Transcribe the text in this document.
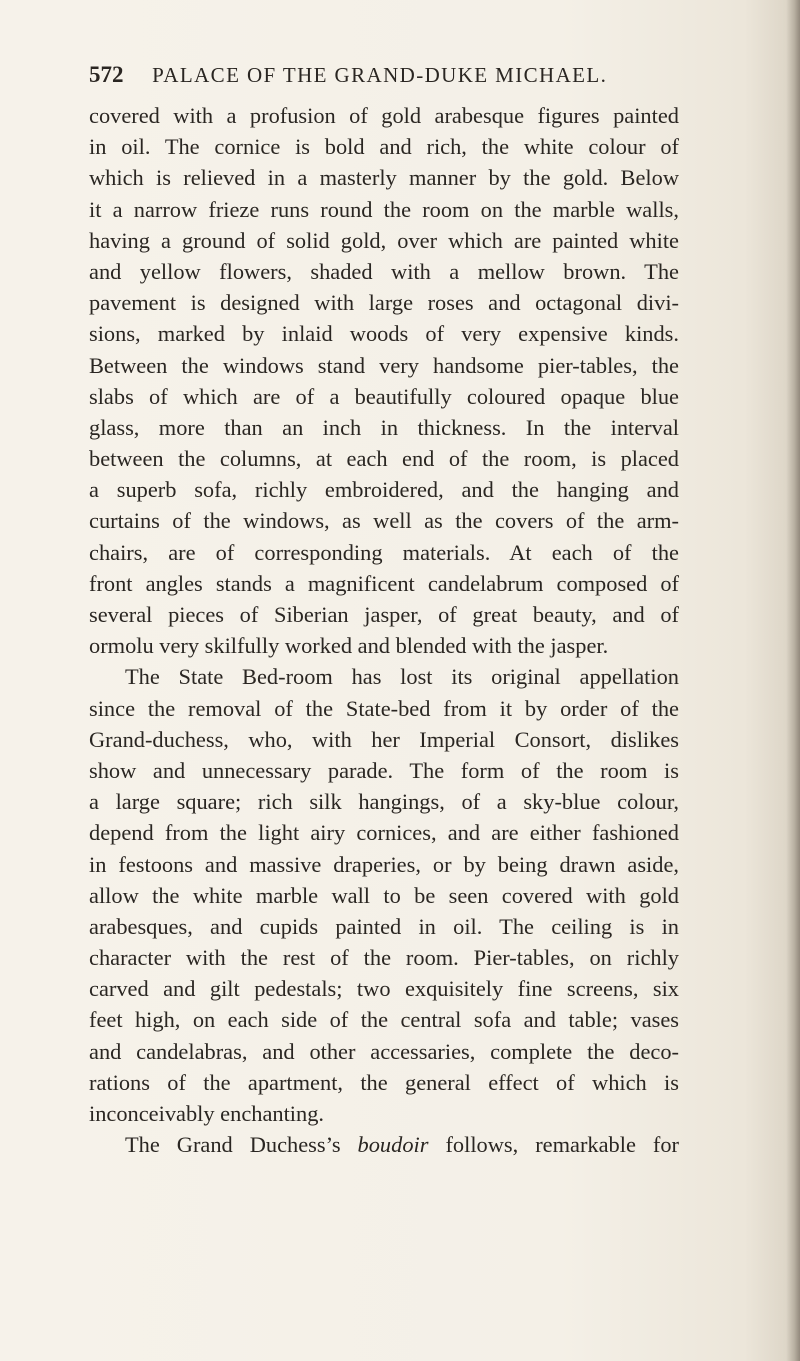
572 PALACE OF THE GRAND-DUKE MICHAEL.
covered with a profusion of gold arabesque figures painted
in oil. The cornice is bold and rich, the white colour of
which is relieved in a masterly manner by the gold. Below
it a narrow frieze runs round the room on the marble walls,
having a ground of solid gold, over which are painted white
and yellow flowers, shaded with a mellow brown. The
pavement is designed with large roses and octagonal divi-
sions, marked by inlaid woods of very expensive kinds.
Between the windows stand very handsome pier-tables, the
slabs of which are of a beautifully coloured opaque blue
glass, more than an inch in thickness. In the interval
between the columns, at each end of the room, is placed
a superb sofa, richly embroidered, and the hanging and
curtains of the windows, as well as the covers of the arm-
chairs, are of corresponding materials. At each of the
front angles stands a magnificent candelabrum composed of
several pieces of Siberian jasper, of great beauty, and of
ormolu very skilfully worked and blended with the jasper.
The State Bed-room has lost its original appellation
since the removal of the State-bed from it by order of the
Grand-duchess, who, with her Imperial Consort, dislikes
show and unnecessary parade. The form of the room is
a large square; rich silk hangings, of a sky-blue colour,
depend from the light airy cornices, and are either fashioned
in festoons and massive draperies, or by being drawn aside,
allow the white marble wall to be seen covered with gold
arabesques, and cupids painted in oil. The ceiling is in
character with the rest of the room. Pier-tables, on richly
carved and gilt pedestals; two exquisitely fine screens, six
feet high, on each side of the central sofa and table; vases
and candelabras, and other accessaries, complete the deco-
rations of the apartment, the general effect of which is
inconceivably enchanting.
The Grand Duchess’s boudoir follows, remarkable for
